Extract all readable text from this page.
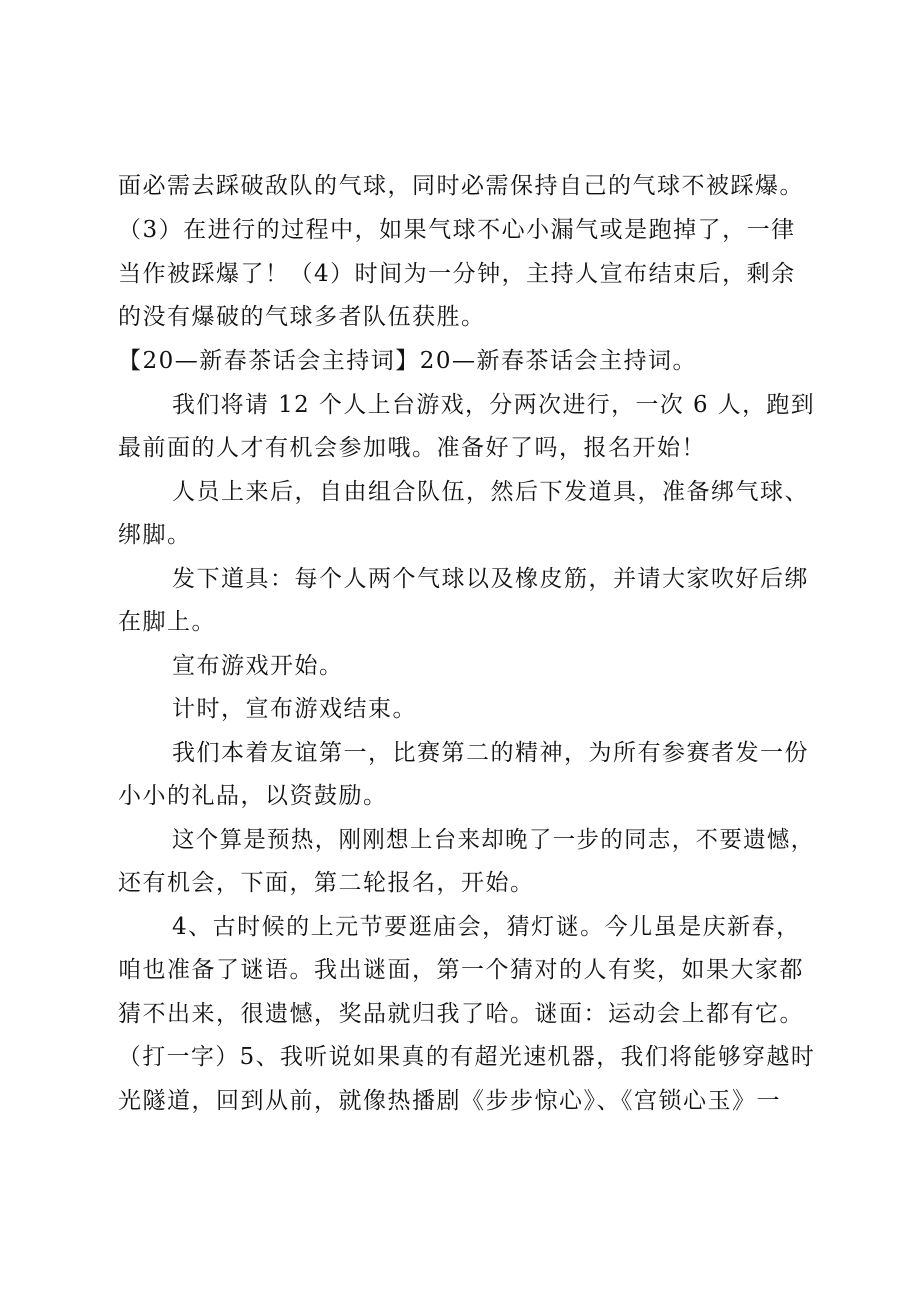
面必需去踩破敌队的气球，同时必需保持自己的气球不被踩爆。
（3）在进行的过程中，如果气球不心小漏气或是跑掉了，一律
当作被踩爆了！（4）时间为一分钟，主持人宣布结束后，剩余
的没有爆破的气球多者队伍获胜。
【20—新春茶话会主持词】20—新春茶话会主持词。
我们将请 12 个人上台游戏，分两次进行，一次 6 人，跑到
最前面的人才有机会参加哦。准备好了吗，报名开始！
人员上来后，自由组合队伍，然后下发道具，准备绑气球、
绑脚。
发下道具：每个人两个气球以及橡皮筋，并请大家吹好后绑
在脚上。
宣布游戏开始。
计时，宣布游戏结束。
我们本着友谊第一，比赛第二的精神，为所有参赛者发一份
小小的礼品，以资鼓励。
这个算是预热，刚刚想上台来却晚了一步的同志，不要遗憾，
还有机会，下面，第二轮报名，开始。
4、古时候的上元节要逛庙会，猜灯谜。今儿虽是庆新春，
咱也准备了谜语。我出谜面，第一个猜对的人有奖，如果大家都
猜不出来，很遗憾，奖品就归我了哈。谜面：运动会上都有它。
（打一字）5、我听说如果真的有超光速机器，我们将能够穿越时
光隧道，回到从前，就像热播剧《步步惊心》、《宫锁心玉》一
